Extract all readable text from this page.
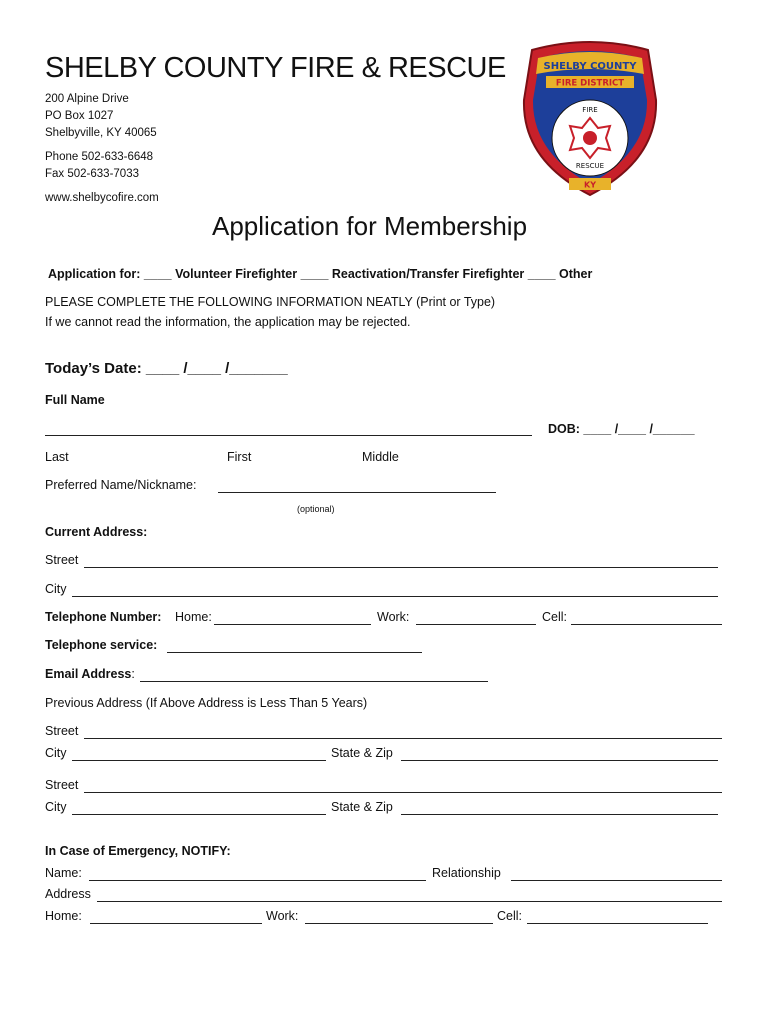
SHELBY COUNTY FIRE & RESCUE
200 Alpine Drive
PO Box 1027
Shelbyville, KY 40065
Phone 502-633-6648
Fax 502-633-7033
www.shelbycofire.com
SHELBY COUNTY
FIRE DISTRICT
FIRE
RESCUE
KY
Application for Membership
Application for: ____ Volunteer Firefighter ____ Reactivation/Transfer Firefighter ____ Other
PLEASE COMPLETE THE FOLLOWING INFORMATION NEATLY (Print or Type)
If we cannot read the information, the application may be rejected.
Today’s Date: ____ /____ /_______
Full Name
DOB: ____ /____ /______
Last	First	Middle
Preferred Name/Nickname:
(optional)
Current Address:
Street
City
Telephone Number: Home:	Work:	Cell:
Telephone service:
Email Address:
Previous Address (If Above Address is Less Than 5 Years)
Street
City	State & Zip
Street
City	State & Zip
In Case of Emergency, NOTIFY:
Name:	Relationship
Address
Home:	Work:	Cell:
